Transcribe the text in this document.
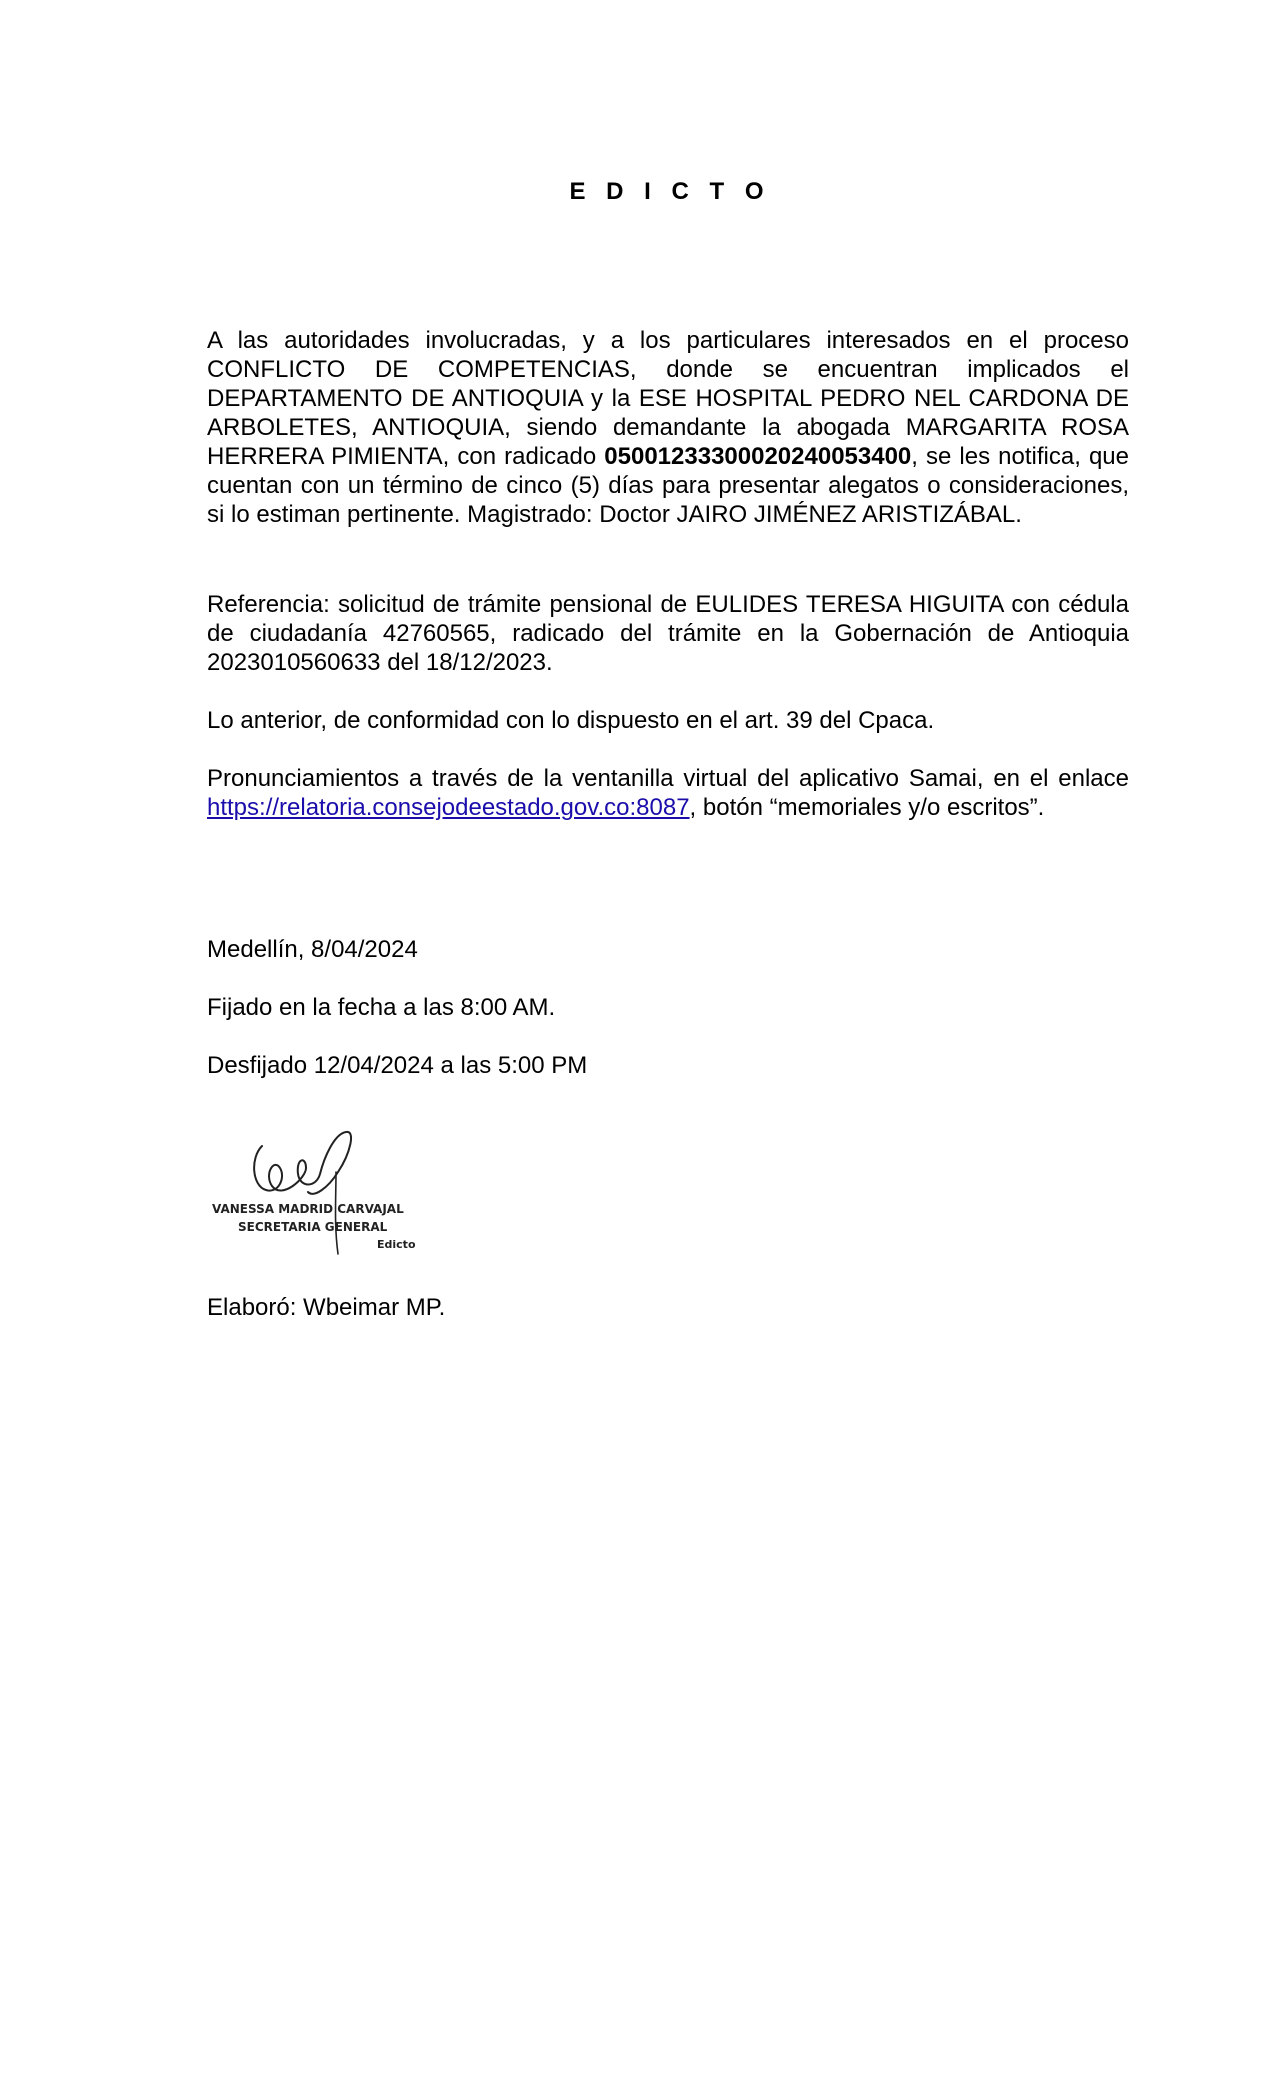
E D I C T O
A las autoridades involucradas, y a los particulares interesados en el proceso CONFLICTO DE COMPETENCIAS, donde se encuentran implicados el DEPARTAMENTO DE ANTIOQUIA y la ESE HOSPITAL PEDRO NEL CARDONA DE ARBOLETES, ANTIOQUIA, siendo demandante la abogada MARGARITA ROSA HERRERA PIMIENTA, con radicado 05001233300020240053400, se les notifica, que cuentan con un término de cinco (5) días para presentar alegatos o consideraciones, si lo estiman pertinente. Magistrado: Doctor JAIRO JIMÉNEZ ARISTIZÁBAL.
Referencia: solicitud de trámite pensional de EULIDES TERESA HIGUITA con cédula de ciudadanía 42760565, radicado del trámite en la Gobernación de Antioquia 2023010560633 del 18/12/2023.
Lo anterior, de conformidad con lo dispuesto en el art. 39 del Cpaca.
Pronunciamientos a través de la ventanilla virtual del aplicativo Samai, en el enlace https://relatoria.consejodeestado.gov.co:8087, botón “memoriales y/o escritos”.
Medellín, 8/04/2024
Fijado en la fecha a las 8:00 AM.
Desfijado 12/04/2024 a las 5:00 PM
VANESSA MADRID CARVAJAL
SECRETARIA GENERAL
Edicto
Elaboró: Wbeimar MP.
